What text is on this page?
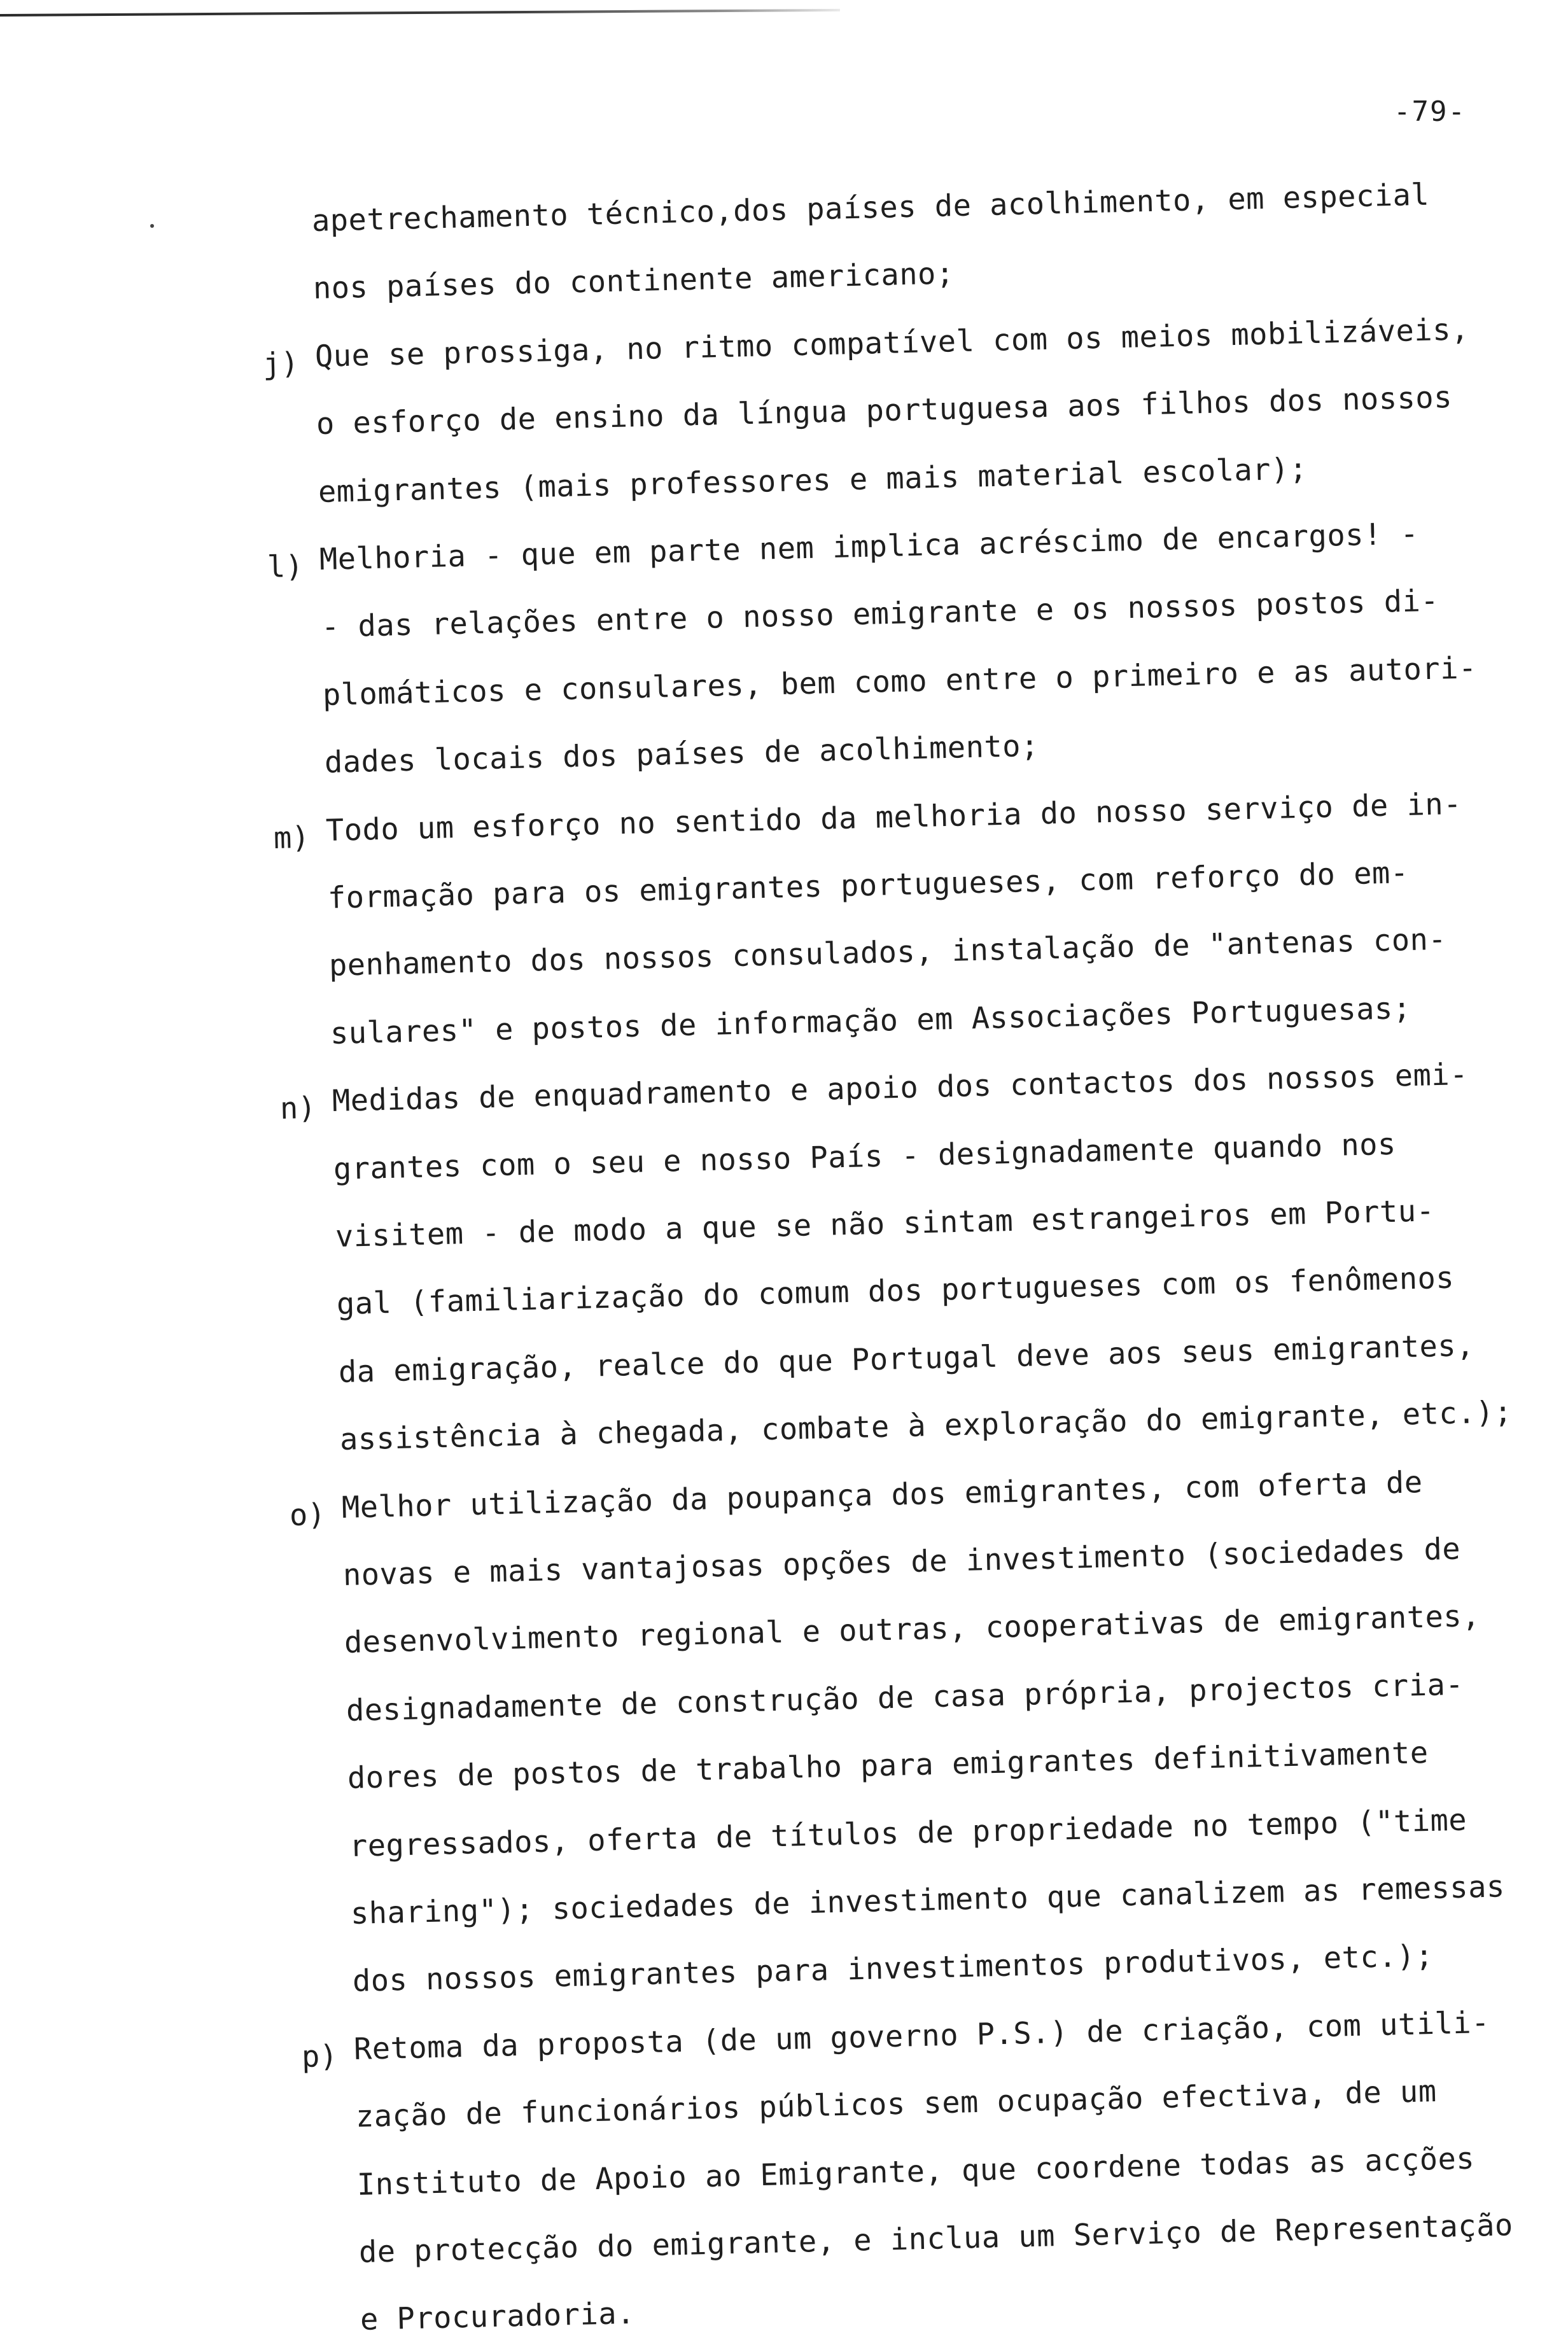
-79-
apetrechamento técnico,dos países de acolhimento, em especial
nos países do continente americano;
j) Que se prossiga, no ritmo compatível com os meios mobilizáveis,
o esforço de ensino da língua portuguesa aos filhos dos nossos
emigrantes (mais professores e mais material escolar);
l) Melhoria - que em parte nem implica acréscimo de encargos! -
- das relações entre o nosso emigrante e os nossos postos di-
plomáticos e consulares, bem como entre o primeiro e as autori-
dades locais dos países de acolhimento;
m) Todo um esforço no sentido da melhoria do nosso serviço de in-
formação para os emigrantes portugueses, com reforço do em-
penhamento dos nossos consulados, instalação de "antenas con-
sulares" e postos de informação em Associações Portuguesas;
n) Medidas de enquadramento e apoio dos contactos dos nossos emi-
grantes com o seu e nosso País - designadamente quando nos
visitem - de modo a que se não sintam estrangeiros em Portu-
gal (familiarização do comum dos portugueses com os fenômenos
da emigração, realce do que Portugal deve aos seus emigrantes,
assistência à chegada, combate à exploração do emigrante, etc.);
o) Melhor utilização da poupança dos emigrantes, com oferta de
novas e mais vantajosas opções de investimento (sociedades de
desenvolvimento regional e outras, cooperativas de emigrantes,
designadamente de construção de casa própria, projectos cria-
dores de postos de trabalho para emigrantes definitivamente
regressados, oferta de títulos de propriedade no tempo ("time
sharing"); sociedades de investimento que canalizem as remessas
dos nossos emigrantes para investimentos produtivos, etc.);
p) Retoma da proposta (de um governo P.S.) de criação, com utili-
zação de funcionários públicos sem ocupação efectiva, de um
Instituto de Apoio ao Emigrante, que coordene todas as acções
de protecção do emigrante, e inclua um Serviço de Representação
e Procuradoria.
